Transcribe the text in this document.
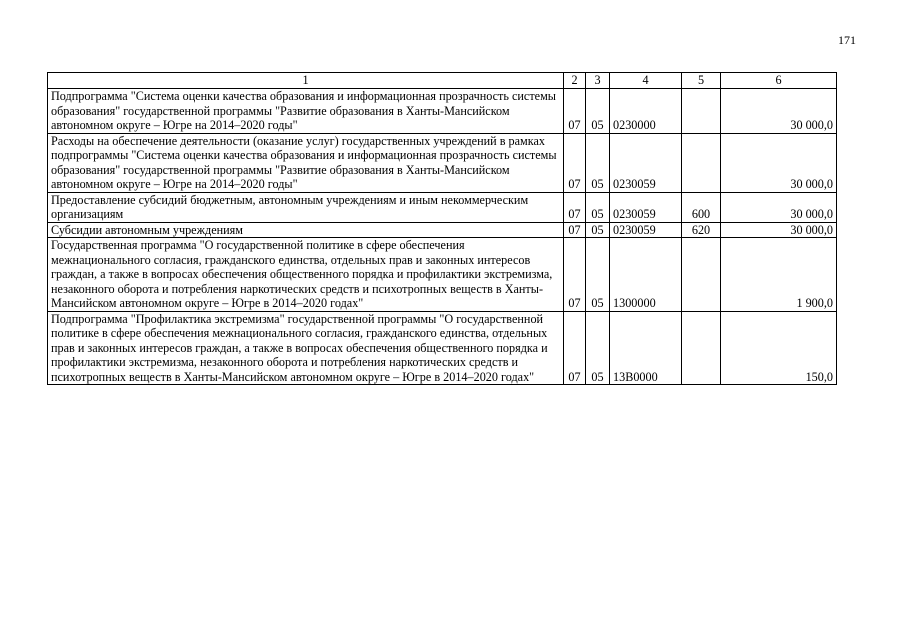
171
1	2	3	4	5	6
Подпрограмма "Система оценки качества образования и информационная прозрачность системы образования" государственной программы "Развитие образования в Ханты-Мансийском автономном округе – Югре на 2014–2020 годы"	07	05	0230000		30 000,0
Расходы на обеспечение деятельности (оказание услуг) государственных учреждений в рамках подпрограммы "Система оценки качества образования и информационная прозрачность системы образования" государственной программы "Развитие образования в Ханты-Мансийском автономном округе – Югре на 2014–2020 годы"	07	05	0230059		30 000,0
Предоставление субсидий бюджетным, автономным учреждениям и иным некоммерческим организациям	07	05	0230059	600	30 000,0
Субсидии автономным учреждениям	07	05	0230059	620	30 000,0
Государственная программа "О государственной политике в сфере обеспечения межнационального согласия, гражданского единства, отдельных прав и законных интересов граждан, а также в вопросах обеспечения общественного порядка и профилактики экстремизма, незаконного оборота и потребления наркотических средств и психотропных веществ в Ханты-Мансийском автономном округе – Югре в 2014–2020 годах"	07	05	1300000		1 900,0
Подпрограмма "Профилактика экстремизма" государственной программы "О государственной политике в сфере обеспечения межнационального согласия, гражданского единства, отдельных прав и законных интересов граждан, а также в вопросах обеспечения общественного порядка и профилактики экстремизма, незаконного оборота и потребления наркотических средств и психотропных веществ в Ханты-Мансийском автономном округе – Югре в 2014–2020 годах"	07	05	13В0000		150,0
